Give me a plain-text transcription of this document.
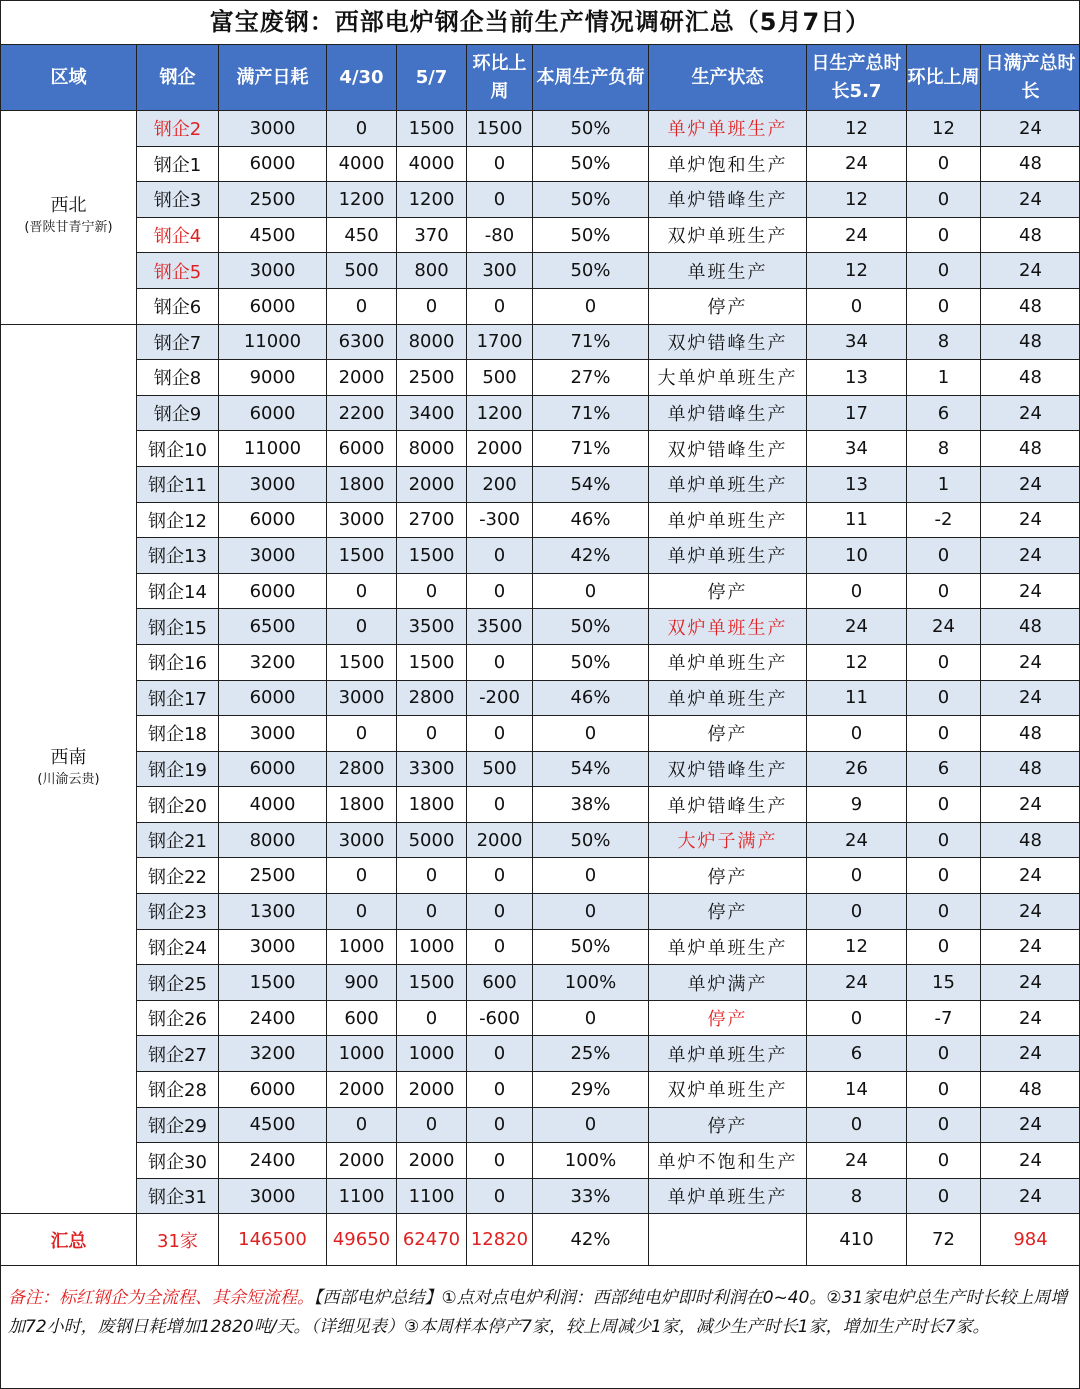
富宝废钢：西部电炉钢企当前生产情况调研汇总（5月7日）
区域	钢企	满产日耗	4/30	5/7	环比上周	本周生产负荷	生产状态	日生产总时长5.7	环比上周	日满产总时长

西北
(晋陕甘青宁新)	钢企2	3000	0	1500	1500	50%	单炉单班生产	12	12	24
	钢企1	6000	4000	4000	0	50%	单炉饱和生产	24	0	48
	钢企3	2500	1200	1200	0	50%	单炉错峰生产	12	0	24
	钢企4	4500	450	370	-80	50%	双炉单班生产	24	0	48
	钢企5	3000	500	800	300	50%	单班生产	12	0	24
	钢企6	6000	0	0	0	0	停产	0	0	48

西南
(川渝云贵)	钢企7	11000	6300	8000	1700	71%	双炉错峰生产	34	8	48
	钢企8	9000	2000	2500	500	27%	大单炉单班生产	13	1	48
	钢企9	6000	2200	3400	1200	71%	单炉错峰生产	17	6	24
	钢企10	11000	6000	8000	2000	71%	双炉错峰生产	34	8	48
	钢企11	3000	1800	2000	200	54%	单炉单班生产	13	1	24
	钢企12	6000	3000	2700	-300	46%	单炉单班生产	11	-2	24
	钢企13	3000	1500	1500	0	42%	单炉单班生产	10	0	24
	钢企14	6000	0	0	0	0	停产	0	0	24
	钢企15	6500	0	3500	3500	50%	双炉单班生产	24	24	48
	钢企16	3200	1500	1500	0	50%	单炉单班生产	12	0	24
	钢企17	6000	3000	2800	-200	46%	单炉单班生产	11	0	24
	钢企18	3000	0	0	0	0	停产	0	0	48
	钢企19	6000	2800	3300	500	54%	双炉错峰生产	26	6	48
	钢企20	4000	1800	1800	0	38%	单炉错峰生产	9	0	24
	钢企21	8000	3000	5000	2000	50%	大炉子满产	24	0	48
	钢企22	2500	0	0	0	0	停产	0	0	24
	钢企23	1300	0	0	0	0	停产	0	0	24
	钢企24	3000	1000	1000	0	50%	单炉单班生产	12	0	24
	钢企25	1500	900	1500	600	100%	单炉满产	24	15	24
	钢企26	2400	600	0	-600	0	停产	0	-7	24
	钢企27	3200	1000	1000	0	25%	单炉单班生产	6	0	24
	钢企28	6000	2000	2000	0	29%	双炉单班生产	14	0	48
	钢企29	4500	0	0	0	0	停产	0	0	24
	钢企30	2400	2000	2000	0	100%	单炉不饱和生产	24	0	24
	钢企31	3000	1100	1100	0	33%	单炉单班生产	8	0	24
汇总	31家	146500	49650	62470	12820	42%		410	72	984
备注：标红钢企为全流程、其余短流程。【西部电炉总结】①点对点电炉利润：西部纯电炉即时利润在0~40。②31家电炉总生产时长较上周增加72小时，废钢日耗增加12820吨/天。（详细见表）③本周样本停产7家，较上周减少1家，减少生产时长1家，增加生产时长7家。
